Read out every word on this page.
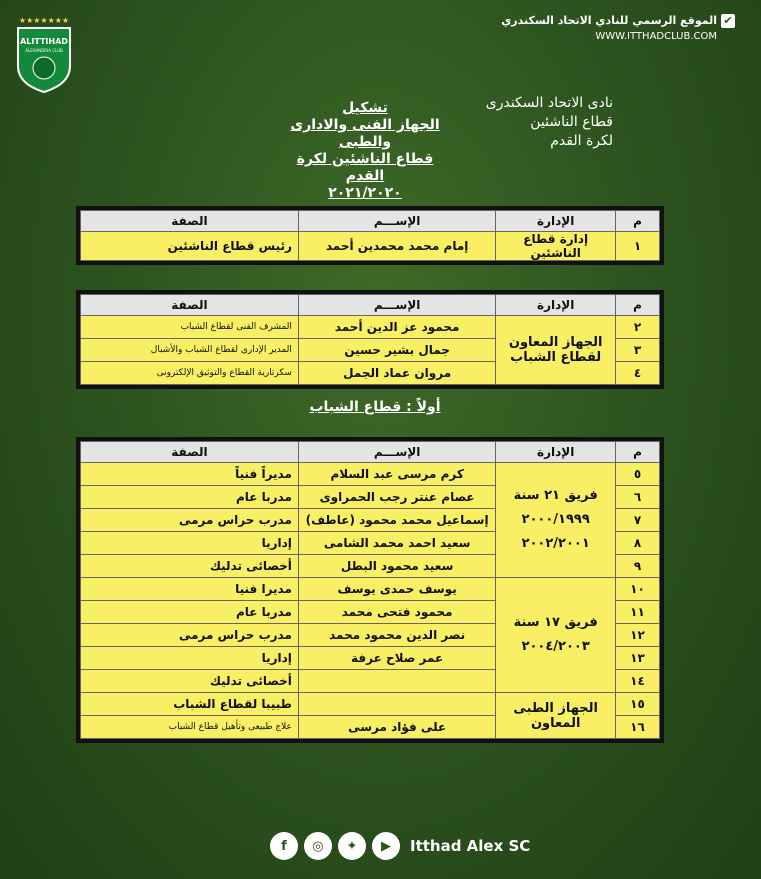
★★★★★★★
ALITTIHAD
ALEXANDRIA CLUB
✔
الموقع الرسمي للنادي الاتحاد السكندري
WWW.ITTHADCLUB.COM
نادى الاتحاد السكندرى
قطاع الناشئين
لكرة القدم
تشكيل
الجهاز الفنى والادارى والطبى
قطاع الناشئين لكرة القدم
٢٠٢١/٢٠٢٠
م	الإدارة	الإســـم	الصفة
١	إدارة قطاع الناشئين	إمام محمد محمدين أحمد	رئيس قطاع الناشئين
م	الإدارة	الإســـم	الصفة
٢	الجهاز المعاون لقطاع الشباب	محمود عز الدين أحمد	المشرف الفنى لقطاع الشباب
٣		جمال بشير حسين	المدير الإدارى لقطاع الشباب والأشبال
٤		مروان عماد الجمل	سكرتارية القطاع والتوثيق الإلكترونى
أولاً : قطاع الشباب
م	الإدارة	الإســـم	الصفة
٥	فريق ٢١ سنة ٢٠٠٠/١٩٩٩ ٢٠٠٢/٢٠٠١	كرم مرسى عبد السلام	مديراً فنياً
٦		عصام عنتر رجب الحمراوى	مدربا عام
٧		إسماعيل محمد محمود (عاطف)	مدرب حراس مرمى
٨		سعيد احمد محمد الشامى	إداريا
٩		سعيد محمود البطل	أخصائى تدليك
١٠	فريق ١٧ سنة ٢٠٠٤/٢٠٠٣	يوسف حمدى يوسف	مديرا فنيا
١١		محمود فتحى محمد	مدربا عام
١٢		نصر الدين محمود محمد	مدرب حراس مرمى
١٣		عمر صلاح عرفة	إداريا
١٤			أخصائى تدليك
١٥	الجهاز الطبى المعاون		طبيبا لقطاع الشباب
١٦		على فؤاد مرسى	علاج طبيعى وتأهيل قطاع الشباب
f	◎	✦	▶	Itthad Alex SC
